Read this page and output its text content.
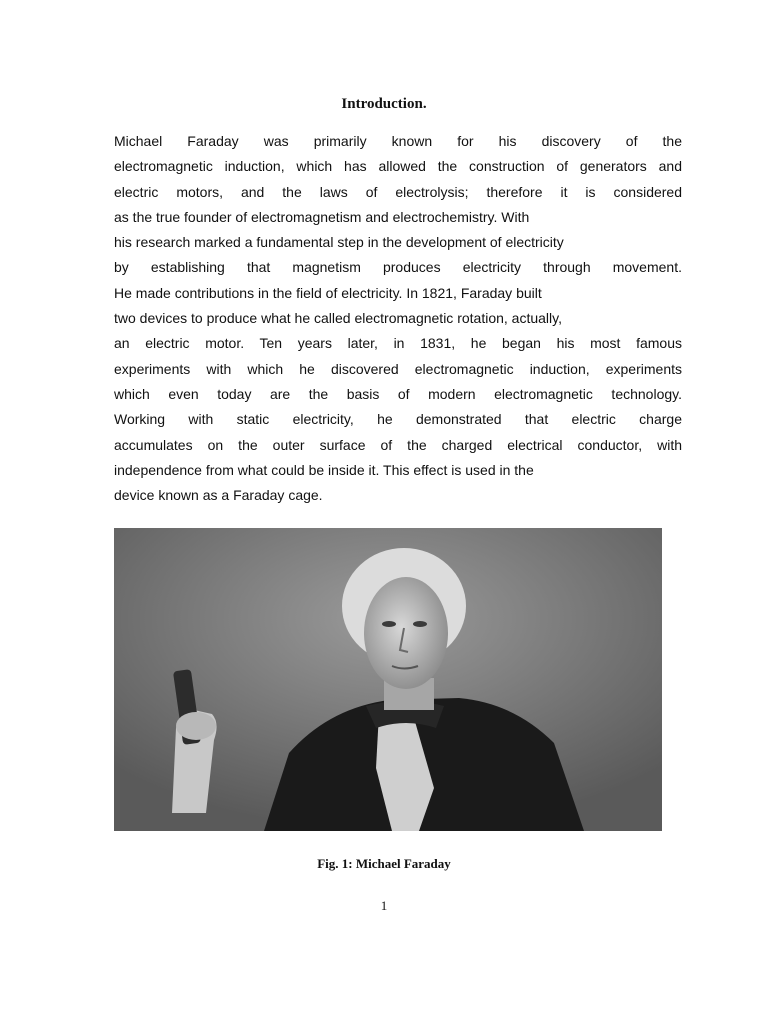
Introduction.
Michael Faraday was primarily known for his discovery of the
electromagnetic induction, which has allowed the construction of generators and
electric motors, and the laws of electrolysis; therefore it is considered
as the true founder of electromagnetism and electrochemistry. With
his research marked a fundamental step in the development of electricity
by establishing that magnetism produces electricity through movement.
He made contributions in the field of electricity. In 1821, Faraday built
two devices to produce what he called electromagnetic rotation, actually,
an electric motor. Ten years later, in 1831, he began his most famous
experiments with which he discovered electromagnetic induction, experiments
which even today are the basis of modern electromagnetic technology.
Working with static electricity, he demonstrated that electric charge
accumulates on the outer surface of the charged electrical conductor, with
independence from what could be inside it. This effect is used in the
device known as a Faraday cage.
Fig. 1: Michael Faraday
1
